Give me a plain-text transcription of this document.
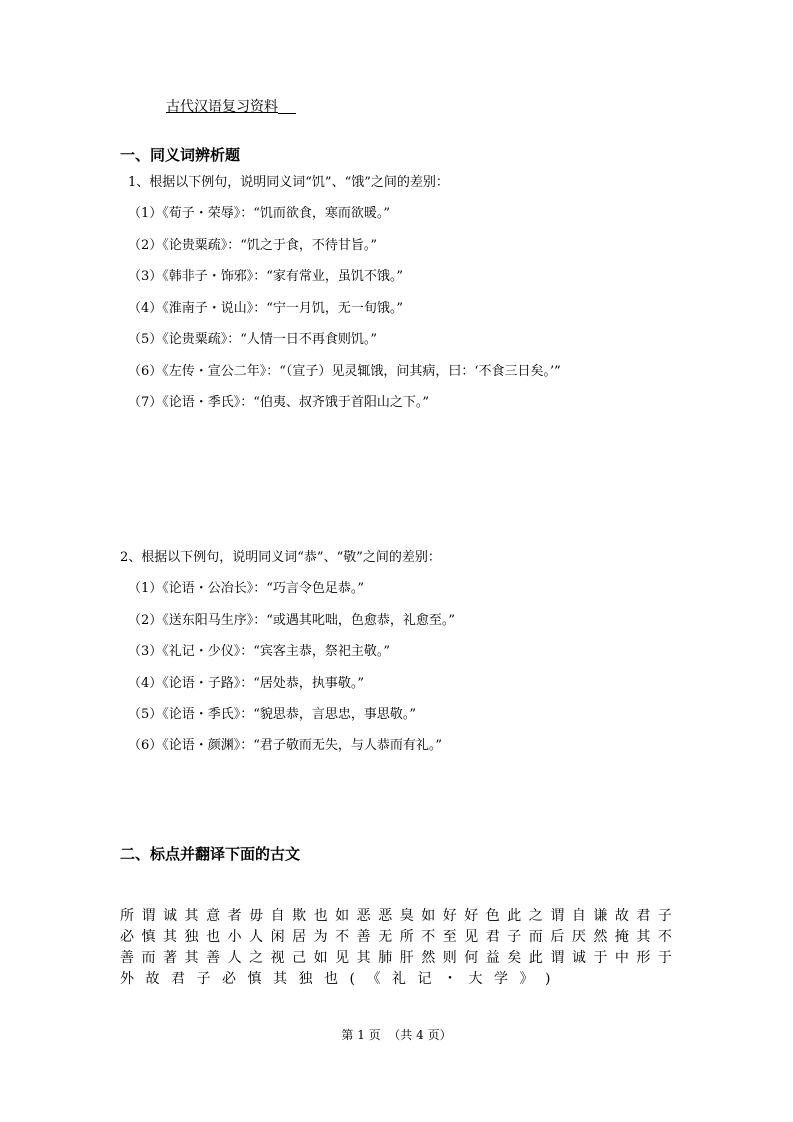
古代汉语复习资料
一、同义词辨析题
1、根据以下例句，说明同义词“饥”、“饿”之间的差别：
（1）《荀子・荣辱》：“饥而欲食，寒而欲暖。”
（2）《论贵粟疏》：“饥之于食，不待甘旨。”
（3）《韩非子・饰邪》：“家有常业，虽饥不饿。”
（4）《淮南子・说山》：“宁一月饥，无一旬饿。”
（5）《论贵粟疏》：“人情一日不再食则饥。”
（6）《左传・宣公二年》：“（宣子）见灵辄饿，问其病，曰：‘不食三日矣。’”
（7）《论语・季氏》：“伯夷、叔齐饿于首阳山之下。”
2、根据以下例句，说明同义词“恭”、“敬”之间的差别：
（1）《论语・公冶长》：“巧言令色足恭。”
（2）《送东阳马生序》：“或遇其叱咄，色愈恭，礼愈至。”
（3）《礼记・少仪》：“宾客主恭，祭祀主敬。”
（4）《论语・子路》：“居处恭，执事敬。”
（5）《论语・季氏》：“貌思恭，言思忠，事思敬。”
（6）《论语・颜渊》：“君子敬而无失，与人恭而有礼。”
二、标点并翻译下面的古文
所 谓 诚 其 意 者 毋 自 欺 也 如 恶 恶 臭 如 好 好 色 此 之 谓 自 谦 故 君 子
必 慎 其 独 也 小 人 闲 居 为 不 善 无 所 不 至 见 君 子 而 后 厌 然 掩 其 不
善 而 著 其 善 人 之 视 己 如 见 其 肺 肝 然 则 何 益 矣 此 谓 诚 于 中 形 于
外 故 君 子 必 慎 其 独 也 ( 《 礼 记 ・ 大 学 》 )
第 1 页  （共 4 页）
